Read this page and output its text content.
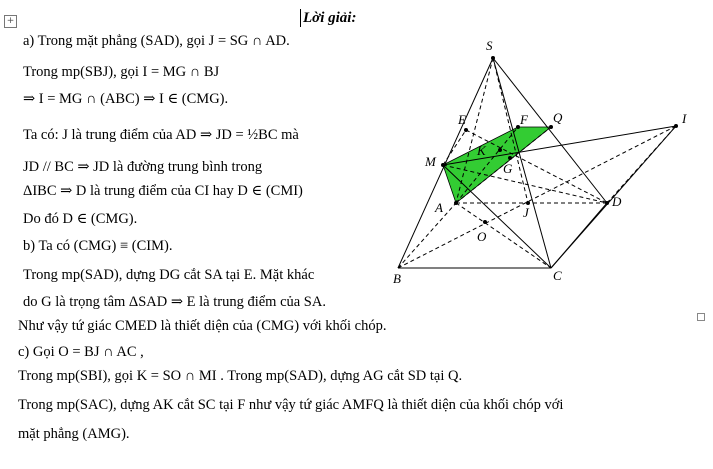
+	Lời giải:
a) Trong mặt phẳng (SAD), gọi J = SG ∩ AD.
Trong mp(SBJ), gọi I = MG ∩ BJ
⇒ I = MG ∩ (ABC) ⇒ I ∈ (CMG).
Ta có: J là trung điểm của AD ⇒ JD = ½BC mà
JD // BC ⇒ JD là đường trung bình trong
ΔIBC ⇒ D là trung điểm của CI hay D ∈ (CMI)
Do đó D ∈ (CMG).
b) Ta có (CMG) ≡ (CIM).
Trong mp(SAD), dựng DG cắt SA tại E. Mặt khác
do G là trọng tâm ΔSAD ⇒ E là trung điểm của SA.
Như vậy tứ giác CMED là thiết diện của (CMG) với khối chóp.
c) Gọi O = BJ ∩ AC ,
Trong mp(SBI), gọi K = SO ∩ MI . Trong mp(SAD), dựng AG cắt SD tại Q.
Trong mp(SAC), dựng AK cắt SC tại F như vậy tứ giác AMFQ là thiết diện của khối chóp với
mặt phẳng (AMG).
S
E	F Q	I
K
M	G
D
A	J
O
B	C
